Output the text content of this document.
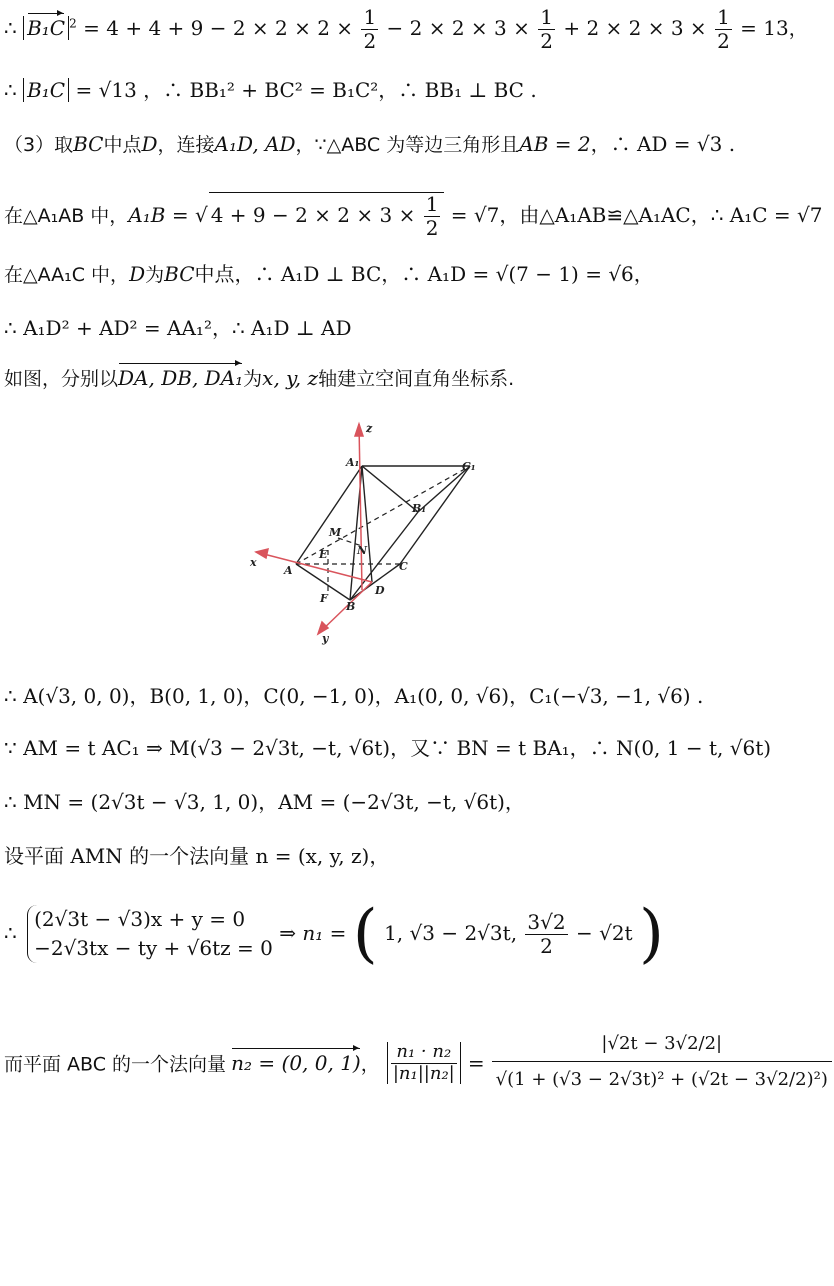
∴ B₁C $^2 = 4 + 4 + 9 - 2 \times 2 \times 2 \times \frac{1}{2} - 2 \times 2 \times 3 \times \frac{1}{2} + 2 \times 2 \times 3 \times \frac{1}{2} = 13$，
∴ B₁C = √13 ，∴ BB₁² + BC² = B₁C²，∴ BB₁ ⊥ BC .
（3）取BC中点D，连接A₁D, AD，∵△ABC 为等边三角形且AB = 2，∴ AD = √3 .
在△A₁AB 中，A₁B = √ $4 + 9 - 2 \times 2 \times 3 \times \frac{1}{2} = √7$，由△A₁AB≌△A₁AC，∴ A₁C = √7
在△AA₁C 中，D为BC中点，∴ A₁D ⊥ BC，∴ A₁D = √(7 − 1) = √6，
∴ A₁D² + AD² = AA₁²，∴ A₁D ⊥ AD
如图，分别以DA, DB, DA₁为x, y, z轴建立空间直角坐标系.
z
A₁	C₁
B₁
M
N
E
x
A	C
D
F
B
y
∴ A(√3, 0, 0)，B(0, 1, 0)，C(0, −1, 0)，A₁(0, 0, √6)，C₁(−√3, −1, √6) .
∵ AM = t AC₁ ⇒ M(√3 − 2√3t, −t, √6t)，又∵ BN = t BA₁，∴ N(0, 1 − t, √6t)
∴ MN = (2√3t − √3, 1, 0)，AM = (−2√3t, −t, √6t)，
设平面 AMN 的一个法向量 n = (x, y, z)，
∴
(2√3t − √3)x + y = 0
−2√3tx − ty + √6tz = 0
⇒ n₁ = ( 1, √3 − 2√3t, $\frac{3√2}{2} - √2t$ )
而平面 ABC 的一个法向量 n₂ = (0, 0, 1)， $\frac{\text{n₁ · n₂}}{\text{|n₁||n₂|}} = \frac{|√2t - 3√2/2|}{\text{√(1 + (√3 − 2√3t)² + (√2t − 3√2/2)²)}}$
